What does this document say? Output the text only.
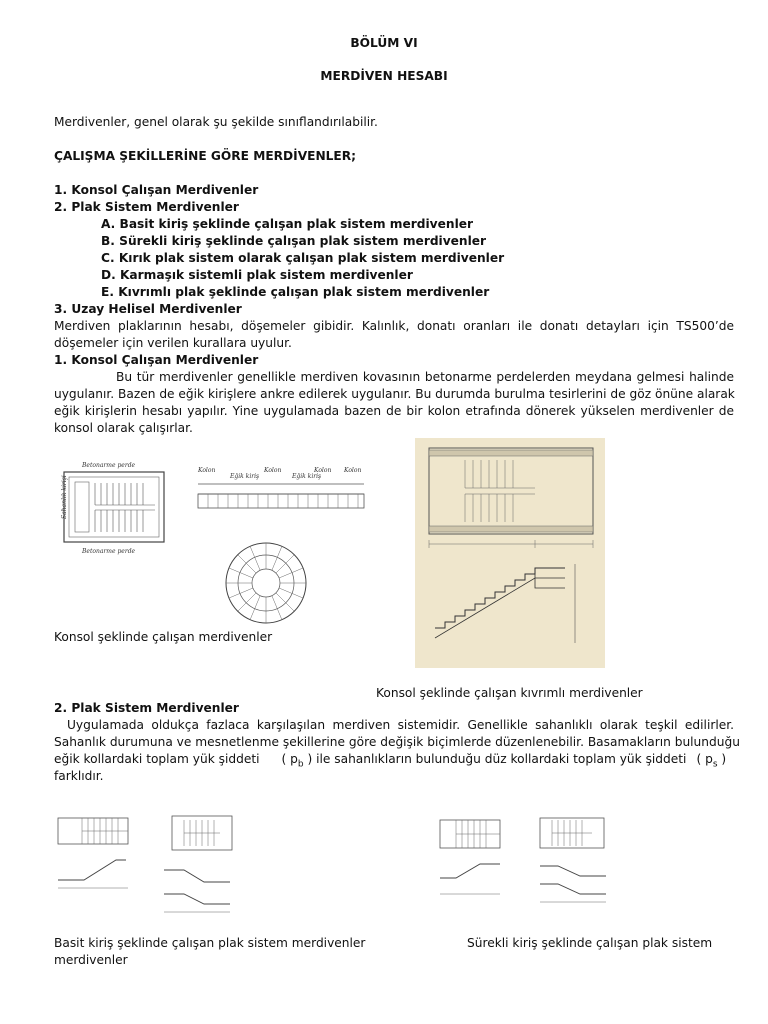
BÖLÜM VI
MERDİVEN HESABI
Merdivenler, genel olarak şu şekilde sınıflandırılabilir.
ÇALIŞMA ŞEKİLLERİNE GÖRE MERDİVENLER;
1. Konsol Çalışan Merdivenler
2. Plak Sistem Merdivenler
A. Basit kiriş şeklinde çalışan plak sistem merdivenler
B. Sürekli kiriş şeklinde çalışan plak sistem merdivenler
C. Kırık plak sistem olarak çalışan plak sistem merdivenler
D. Karmaşık sistemli plak sistem merdivenler
E. Kıvrımlı plak şeklinde çalışan plak sistem merdivenler
3. Uzay Helisel Merdivenler
Merdiven plaklarının hesabı, döşemeler gibidir. Kalınlık, donatı oranları ile donatı detayları için TS500’de
döşemeler için verilen kurallara uyulur.
1. Konsol Çalışan Merdivenler
Bu tür merdivenler genellikle merdiven kovasının betonarme perdelerden meydana gelmesi halinde
uygulanır. Bazen de eğik kirişlere ankre edilerek uygulanır. Bu durumda burulma tesirlerini de göz önüne alarak
eğik kirişlerin hesabı yapılır. Yine uygulamada bazen de bir kolon etrafında dönerek yükselen merdivenler de
konsol olarak çalışırlar.
Betonarme perde
Sahanlık kirişi
Betonarme perde
Kolon
Eğik kiriş
Kolon
Eğik kiriş
Kolon Kolon
Konsol şeklinde çalışan merdivenler
Konsol şeklinde çalışan kıvrımlı merdivenler
2. Plak Sistem Merdivenler
Uygulamada oldukça fazlaca karşılaşılan merdiven sistemidir. Genellikle sahanlıklı olarak teşkil edilirler.
Sahanlık durumuna ve mesnetlenme şekillerine göre değişik biçimlerde düzenlenebilir. Basamakların bulunduğu
eğik kollardaki toplam yük şiddeti ( $p_b$ ) ile sahanlıkların bulunduğu düz kollardaki toplam yük şiddeti ( $p_s$ )
farklıdır.
Basit kiriş şeklinde çalışan plak sistem merdivenler
merdivenler
Sürekli kiriş şeklinde çalışan plak sistem
